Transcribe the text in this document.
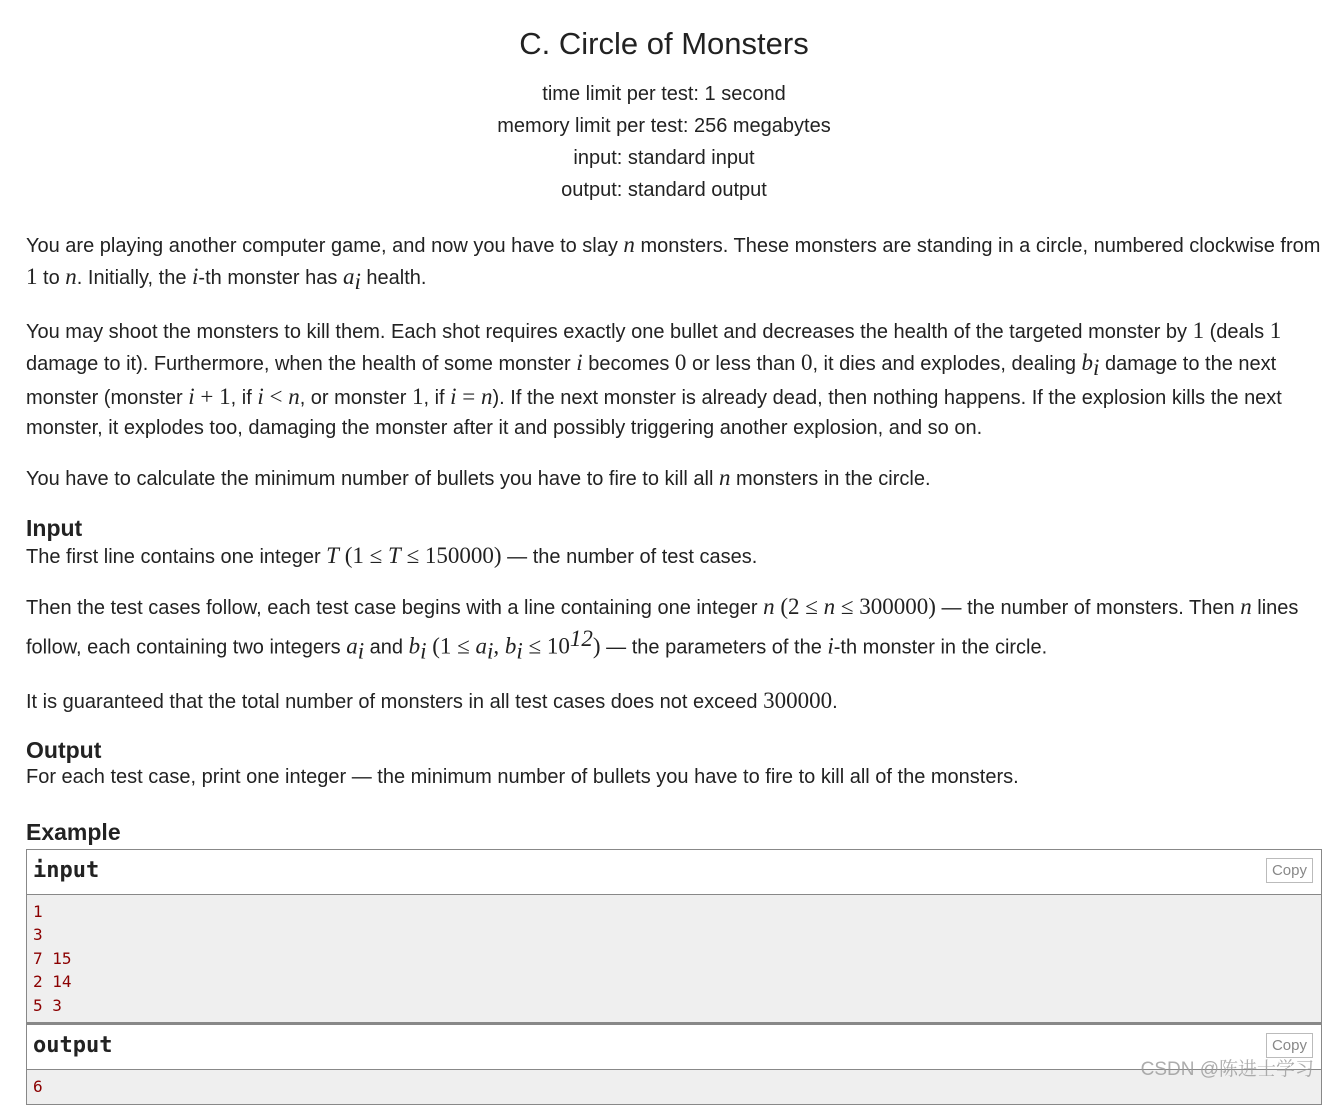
C. Circle of Monsters
time limit per test: 1 second
memory limit per test: 256 megabytes
input: standard input
output: standard output

You are playing another computer game, and now you have to slay n monsters. These monsters are standing in a circle, numbered clockwise from 1 to n. Initially, the i-th monster has $a_i$ health.

You may shoot the monsters to kill them. Each shot requires exactly one bullet and decreases the health of the targeted monster by 1 (deals 1 damage to it). Furthermore, when the health of some monster i becomes 0 or less than 0, it dies and explodes, dealing $b_i$ damage to the next monster (monster i + 1, if i < n, or monster 1, if i = n). If the next monster is already dead, then nothing happens. If the explosion kills the next monster, it explodes too, damaging the monster after it and possibly triggering another explosion, and so on.

You have to calculate the minimum number of bullets you have to fire to kill all n monsters in the circle.

Input

The first line contains one integer T (1 ≤ T ≤ 150000) — the number of test cases.

Then the test cases follow, each test case begins with a line containing one integer n (2 ≤ n ≤ 300000) — the number of monsters. Then n lines follow, each containing two integers $a_i$ and $b_i$ ($1 \le a_i$, $b_i \le 10^{12}$) — the parameters of the i-th monster in the circle.

It is guaranteed that the total number of monsters in all test cases does not exceed 300000.

Output

For each test case, print one integer — the minimum number of bullets you have to fire to kill all of the monsters.

Example
input	Copy
1
3
7 15
2 14
5 3
output	Copy
6
CSDN @陈进士学习
